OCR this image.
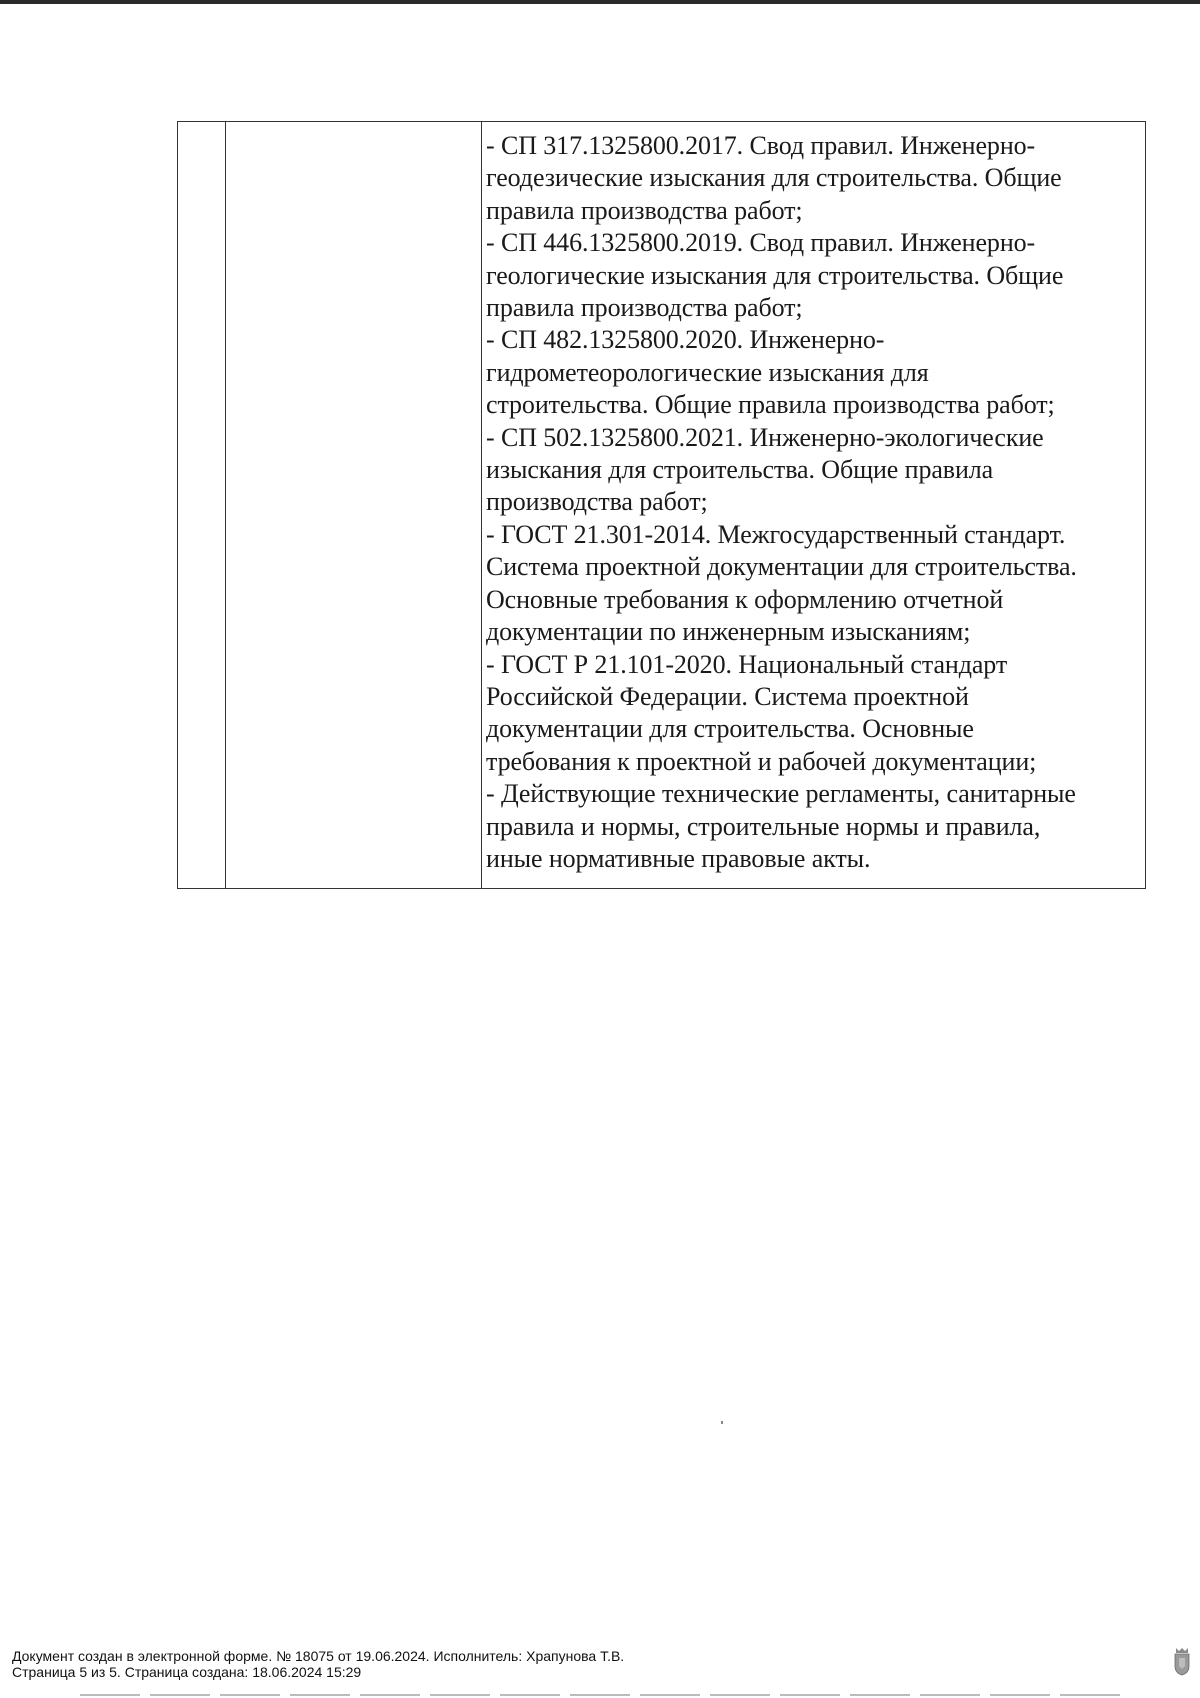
- СП 317.1325800.2017. Свод правил. Инженерно-
геодезические изыскания для строительства. Общие
правила производства работ;
- СП 446.1325800.2019. Свод правил. Инженерно-
геологические изыскания для строительства. Общие
правила производства работ;
- СП 482.1325800.2020. Инженерно-
гидрометеорологические изыскания для
строительства. Общие правила производства работ;
- СП 502.1325800.2021. Инженерно-экологические
изыскания для строительства. Общие правила
производства работ;
- ГОСТ 21.301-2014. Межгосударственный стандарт.
Система проектной документации для строительства.
Основные требования к оформлению отчетной
документации по инженерным изысканиям;
- ГОСТ Р 21.101-2020. Национальный стандарт
Российской Федерации. Система проектной
документации для строительства. Основные
требования к проектной и рабочей документации;
- Действующие технические регламенты, санитарные
правила и нормы, строительные нормы и правила,
иные нормативные правовые акты.
Документ создан в электронной форме. № 18075 от 19.06.2024. Исполнитель: Храпунова Т.В.
Страница 5 из 5. Страница создана: 18.06.2024 15:29
